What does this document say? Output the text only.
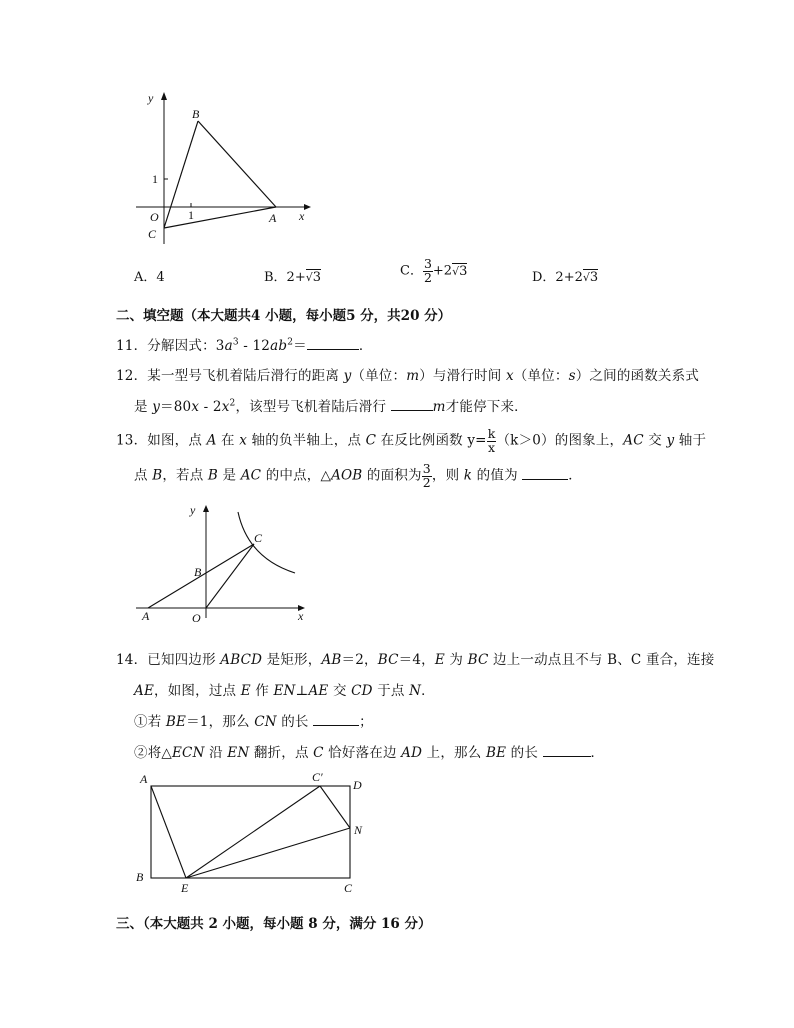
y
B
1
O 1	A x
C
A．4	B．2+√3	C． $\frac{3}{2} +2√3$	D．2+2√3
二、填空题（本大题共4 小题，每小题5 分，共20 分）
11．分解因式：$3a^3 - 12ab^2=$	．
12．某一型号飞机着陆后滑行的距离 y（单位：m）与滑行时间 x（单位：s）之间的函数关系式
是 $y=80x - 2x^2$，该型号飞机着陆后滑行	m才能停下来．
13．如图，点 A 在 x 轴的负半轴上，点 C 在反比例函数 $y= \frac{k}{x} (k>0)$的图象上，AC 交 y 轴于
点 B，若点 B 是 AC 的中点，△AOB 的面积为 $\frac{3}{2}$ ，则 k 的值为	．
y
C
B
A	O	x
14．已知四边形 ABCD 是矩形，AB＝2，BC＝4，E 为 BC 边上一动点且不与 B、C 重合，连接
AE，如图，过点 E 作 EN⊥AE 交 CD 于点 N．
①若 BE＝1，那么 CN 的长	；
②将△ECN 沿 EN 翻折，点 C 恰好落在边 AD 上，那么 BE 的长	．
A	C′
D
N
B
E	C
三、（本大题共 2 小题，每小题 8 分，满分 16 分）
